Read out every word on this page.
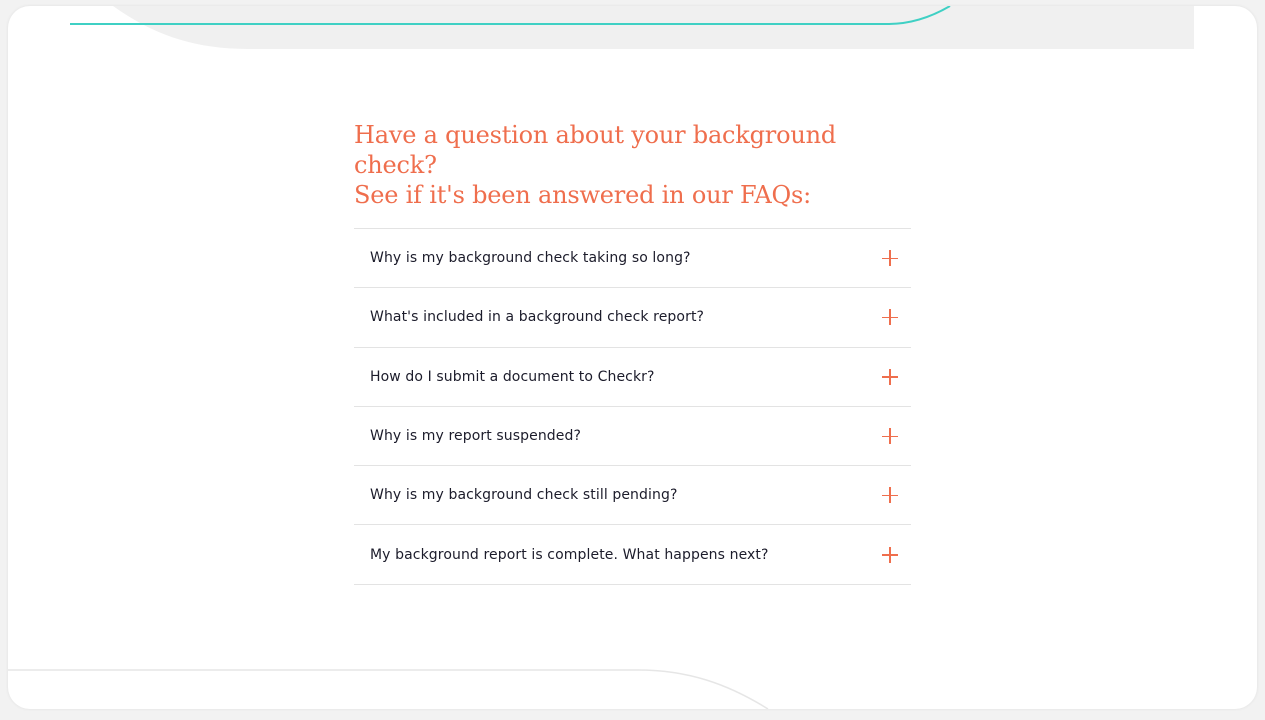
Have a question about your background check?
See if it's been answered in our FAQs:
Why is my background check taking so long?
What's included in a background check report?
How do I submit a document to Checkr?
Why is my report suspended?
Why is my background check still pending?
My background report is complete. What happens next?
